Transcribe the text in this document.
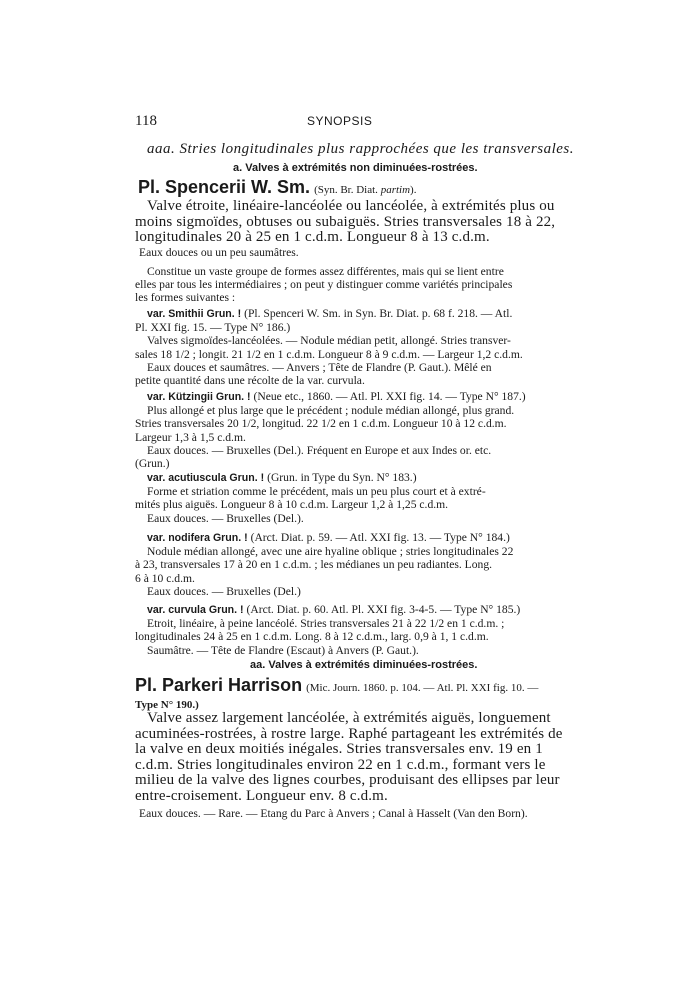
118	SYNOPSIS
aaa. Stries longitudinales plus rapprochées que les transversales.
a. Valves à extrémités non diminuées-rostrées.
Pl. Spencerii W. Sm. (Syn. Br. Diat. partim).
Valve étroite, linéaire-lancéolée ou lancéolée, à extrémités plus ou
moins sigmoïdes, obtuses ou subaiguës. Stries transversales 18 à 22,
longitudinales 20 à 25 en 1 c.d.m. Longueur 8 à 13 c.d.m.
Eaux douces ou un peu saumâtres.
Constitue un vaste groupe de formes assez différentes, mais qui se lient entre
elles par tous les intermédiaires ; on peut y distinguer comme variétés principales
les formes suivantes :
var. Smithii Grun. ! (Pl. Spenceri W. Sm. in Syn. Br. Diat. p. 68 f. 218. — Atl.
Pl. XXI fig. 15. — Type N° 186.)
Valves sigmoïdes-lancéolées. — Nodule médian petit, allongé. Stries transver-
sales 18 1/2 ; longit. 21 1/2 en 1 c.d.m. Longueur 8 à 9 c.d.m. — Largeur 1,2 c.d.m.
Eaux douces et saumâtres. — Anvers ; Tête de Flandre (P. Gaut.). Mêlé en
petite quantité dans une récolte de la var. curvula.
var. Kützingii Grun. ! (Neue etc., 1860. — Atl. Pl. XXI fig. 14. — Type N° 187.)
Plus allongé et plus large que le précédent ; nodule médian allongé, plus grand.
Stries transversales 20 1/2, longitud. 22 1/2 en 1 c.d.m. Longueur 10 à 12 c.d.m.
Largeur 1,3 à 1,5 c.d.m.
Eaux douces. — Bruxelles (Del.). Fréquent en Europe et aux Indes or. etc.
(Grun.)
var. acutiuscula Grun. ! (Grun. in Type du Syn. N° 183.)
Forme et striation comme le précédent, mais un peu plus court et à extré-
mités plus aiguës. Longueur 8 à 10 c.d.m. Largeur 1,2 à 1,25 c.d.m.
Eaux douces. — Bruxelles (Del.).
var. nodifera Grun. ! (Arct. Diat. p. 59. — Atl. XXI fig. 13. — Type N° 184.)
Nodule médian allongé, avec une aire hyaline oblique ; stries longitudinales 22
à 23, transversales 17 à 20 en 1 c.d.m. ; les médianes un peu radiantes. Long.
6 à 10 c.d.m.
Eaux douces. — Bruxelles (Del.)
var. curvula Grun. ! (Arct. Diat. p. 60. Atl. Pl. XXI fig. 3-4-5. — Type N° 185.)
Etroit, linéaire, à peine lancéolé. Stries transversales 21 à 22 1/2 en 1 c.d.m. ;
longitudinales 24 à 25 en 1 c.d.m. Long. 8 à 12 c.d.m., larg. 0,9 à 1, 1 c.d.m.
Saumâtre. — Tête de Flandre (Escaut) à Anvers (P. Gaut.).
aa. Valves à extrémités diminuées-rostrées.
Pl. Parkeri Harrison (Mic. Journ. 1860. p. 104. — Atl. Pl. XXI fig. 10. —
Type N° 190.)
Valve assez largement lancéolée, à extrémités aiguës, longuement
acuminées-rostrées, à rostre large. Raphé partageant les extrémités de
la valve en deux moitiés inégales. Stries transversales env. 19 en 1
c.d.m. Stries longitudinales environ 22 en 1 c.d.m., formant vers le
milieu de la valve des lignes courbes, produisant des ellipses par leur
entre-croisement. Longueur env. 8 c.d.m.
Eaux douces. — Rare. — Etang du Parc à Anvers ; Canal à Hasselt (Van den Born).
